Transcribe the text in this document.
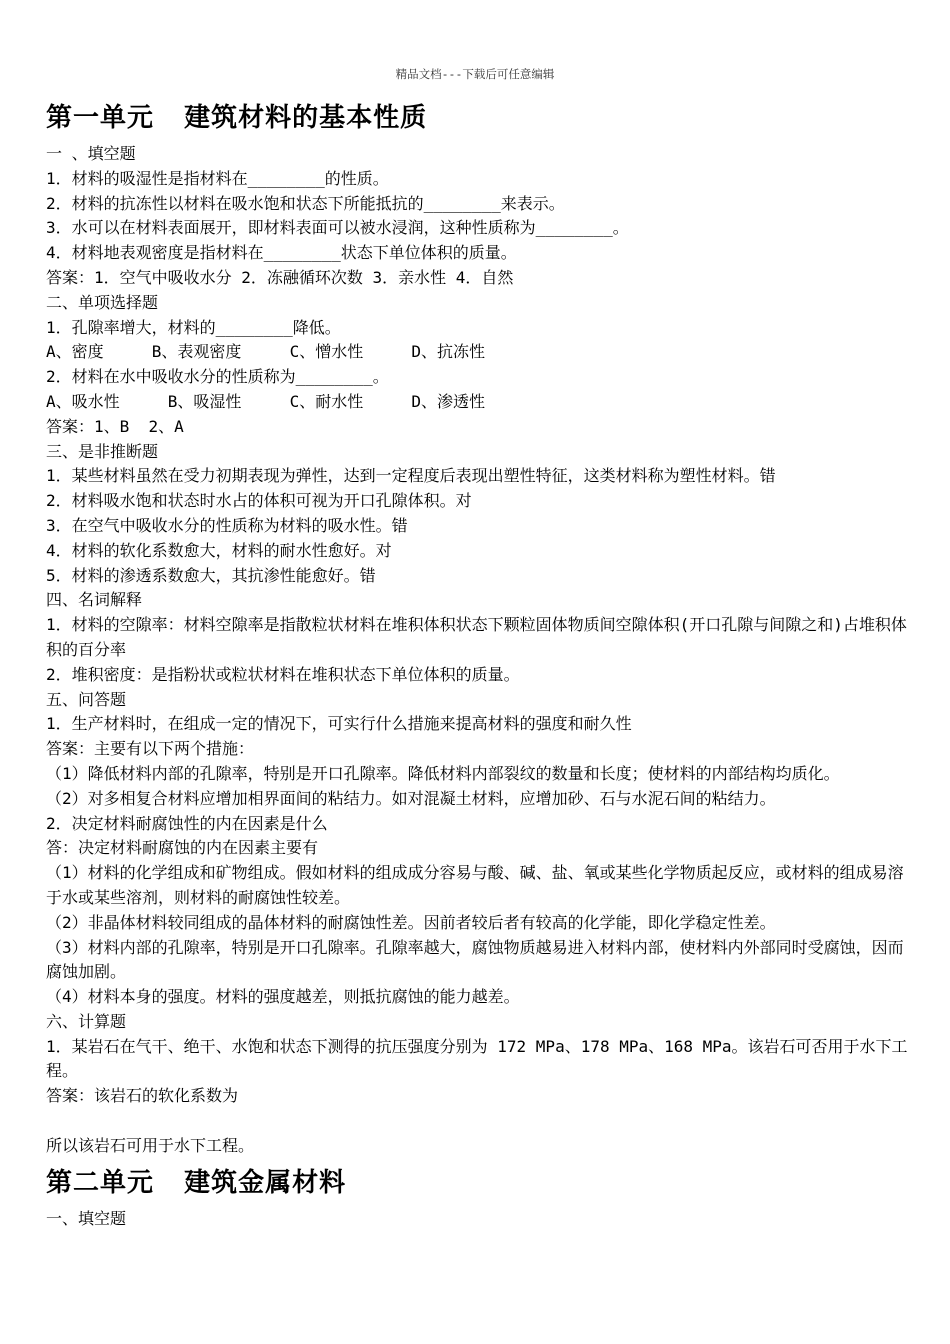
精品文档---下载后可任意编辑
第一单元   建筑材料的基本性质
一 、填空题
1．材料的吸湿性是指材料在________的性质。
2．材料的抗冻性以材料在吸水饱和状态下所能抵抗的________来表示。
3．水可以在材料表面展开，即材料表面可以被水浸润，这种性质称为________。
4．材料地表观密度是指材料在________状态下单位体积的质量。
答案：1．空气中吸收水分 2．冻融循环次数 3．亲水性 4．自然
二、单项选择题
1．孔隙率增大，材料的________降低。
A、密度     B、表观密度     C、憎水性     D、抗冻性
2．材料在水中吸收水分的性质称为________。
A、吸水性     B、吸湿性     C、耐水性     D、渗透性
答案：1、B  2、A
三、是非推断题
1．某些材料虽然在受力初期表现为弹性，达到一定程度后表现出塑性特征，这类材料称为塑性材料。错
2．材料吸水饱和状态时水占的体积可视为开口孔隙体积。对
3．在空气中吸收水分的性质称为材料的吸水性。错
4．材料的软化系数愈大，材料的耐水性愈好。对
5．材料的渗透系数愈大，其抗渗性能愈好。错
四、名词解释
1．材料的空隙率：材料空隙率是指散粒状材料在堆积体积状态下颗粒固体物质间空隙体积(开口孔隙与间隙之和)占堆积体积的百分率
2．堆积密度：是指粉状或粒状材料在堆积状态下单位体积的质量。
五、问答题
1．生产材料时，在组成一定的情况下，可实行什么措施来提高材料的强度和耐久性
答案：主要有以下两个措施：
（1）降低材料内部的孔隙率，特别是开口孔隙率。降低材料内部裂纹的数量和长度；使材料的内部结构均质化。
（2）对多相复合材料应增加相界面间的粘结力。如对混凝土材料，应增加砂、石与水泥石间的粘结力。
2．决定材料耐腐蚀性的内在因素是什么
答：决定材料耐腐蚀的内在因素主要有
（1）材料的化学组成和矿物组成。假如材料的组成成分容易与酸、碱、盐、氧或某些化学物质起反应，或材料的组成易溶于水或某些溶剂，则材料的耐腐蚀性较差。
（2）非晶体材料较同组成的晶体材料的耐腐蚀性差。因前者较后者有较高的化学能，即化学稳定性差。
（3）材料内部的孔隙率，特别是开口孔隙率。孔隙率越大，腐蚀物质越易进入材料内部，使材料内外部同时受腐蚀，因而腐蚀加剧。
（4）材料本身的强度。材料的强度越差，则抵抗腐蚀的能力越差。
六、计算题
1．某岩石在气干、绝干、水饱和状态下测得的抗压强度分别为 172 MPa、178 MPa、168 MPa。该岩石可否用于水下工程。
答案：该岩石的软化系数为
所以该岩石可用于水下工程。
第二单元   建筑金属材料
一、填空题
